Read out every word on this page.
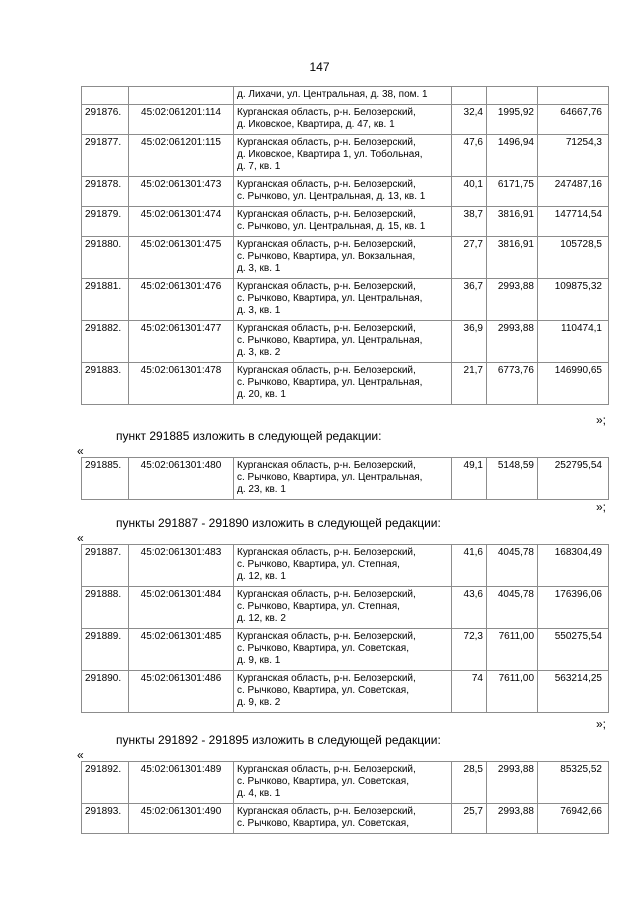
147
		д. Лихачи, ул. Центральная, д. 38, пом. 1			
291876.	45:02:061201:114	Курганская область, р-н. Белозерский,
д. Иковское, Квартира, д. 47, кв. 1	32,4	1995,92	64667,76
291877.	45:02:061201:115	Курганская область, р-н. Белозерский,
д. Иковское, Квартира 1, ул. Тобольная,
д. 7, кв. 1	47,6	1496,94	71254,3
291878.	45:02:061301:473	Курганская область, р-н. Белозерский,
с. Рычково, ул. Центральная, д. 13, кв. 1	40,1	6171,75	247487,16
291879.	45:02:061301:474	Курганская область, р-н. Белозерский,
с. Рычково, ул. Центральная, д. 15, кв. 1	38,7	3816,91	147714,54
291880.	45:02:061301:475	Курганская область, р-н. Белозерский,
с. Рычково, Квартира, ул. Вокзальная,
д. 3, кв. 1	27,7	3816,91	105728,5
291881.	45:02:061301:476	Курганская область, р-н. Белозерский,
с. Рычково, Квартира, ул. Центральная,
д. 3, кв. 1	36,7	2993,88	109875,32
291882.	45:02:061301:477	Курганская область, р-н. Белозерский,
с. Рычково, Квартира, ул. Центральная,
д. 3, кв. 2	36,9	2993,88	110474,1
291883.	45:02:061301:478	Курганская область, р-н. Белозерский,
с. Рычково, Квартира, ул. Центральная,
д. 20, кв. 1	21,7	6773,76	146990,65
»;
пункт 291885 изложить в следующей редакции:
«
291885.	45:02:061301:480	Курганская область, р-н. Белозерский,
с. Рычково, Квартира, ул. Центральная,
д. 23, кв. 1	49,1	5148,59	252795,54
»;
пункты 291887 - 291890 изложить в следующей редакции:
«
291887.	45:02:061301:483	Курганская область, р-н. Белозерский,
с. Рычково, Квартира, ул. Степная,
д. 12, кв. 1	41,6	4045,78	168304,49
291888.	45:02:061301:484	Курганская область, р-н. Белозерский,
с. Рычково, Квартира, ул. Степная,
д. 12, кв. 2	43,6	4045,78	176396,06
291889.	45:02:061301:485	Курганская область, р-н. Белозерский,
с. Рычково, Квартира, ул. Советская,
д. 9, кв. 1	72,3	7611,00	550275,54
291890.	45:02:061301:486	Курганская область, р-н. Белозерский,
с. Рычково, Квартира, ул. Советская,
д. 9, кв. 2	74	7611,00	563214,25
»;
пункты 291892 - 291895 изложить в следующей редакции:
«
291892.	45:02:061301:489	Курганская область, р-н. Белозерский,
с. Рычково, Квартира, ул. Советская,
д. 4, кв. 1	28,5	2993,88	85325,52
291893.	45:02:061301:490	Курганская область, р-н. Белозерский,
с. Рычково, Квартира, ул. Советская,	25,7	2993,88	76942,66
